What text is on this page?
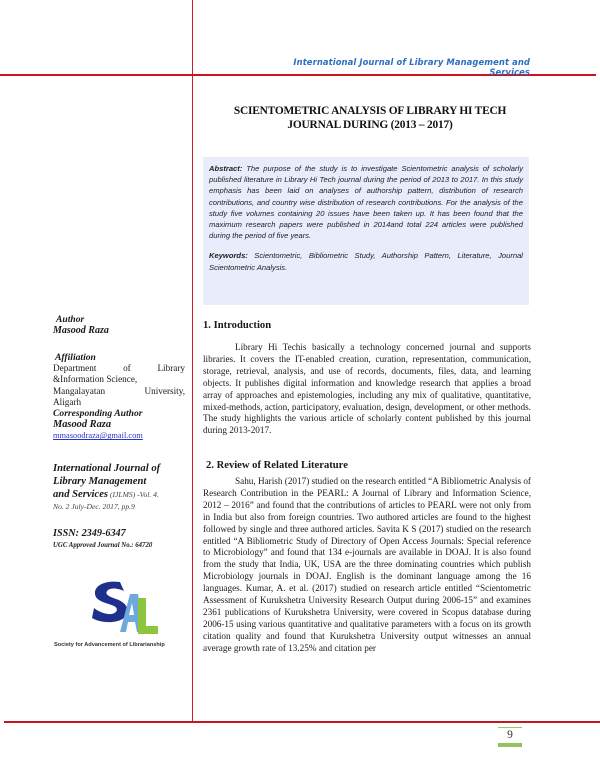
International Journal of Library Management and Services
SCIENTOMETRIC ANALYSIS OF LIBRARY HI TECH
JOURNAL DURING (2013 – 2017)

Abstract: The purpose of the study is to investigate Scientometric analysis of scholarly published literature in Library Hi Tech journal during the period of 2013 to 2017. In this study emphasis has been laid on analyses of authorship pattern, distribution of research contributions, and country wise distribution of research contributions. For the analysis of the study five volumes containing 20 issues have been taken up. It has been found that the maximum research papers were published in 2014and total 224 articles were published during the period of five years.

Keywords: Scientometric, Bibliometric Study, Authorship Pattern, Literature, Journal Scientometric Analysis.

Author
Masood Raza
Affiliation
Department	of	Library
&Information Science,
Mangalayatan	University,
Aligarh
Corresponding Author
Masood Raza
mmasoodraza@gmail.com
International Journal of
Library Management
and Services (IJLMS) -Vol. 4.
No. 2 July-Dec. 2017, pp.9
ISSN: 2349-6347
UGC Approved Journal No.: 64720
Society for Advancement of Librarianship
1. Introduction

Library Hi Techis basically a technology concerned journal and supports libraries. It covers the IT-enabled creation, curation, representation, communication, storage, retrieval, analysis, and use of records, documents, files, data, and learning objects. It publishes digital information and knowledge research that applies a broad array of approaches and epistemologies, including any mix of qualitative, quantitative, mixed-methods, action, participatory, evaluation, design, development, or other methods. The study highlights the various article of scholarly content published by this journal during 2013-2017.

2. Review of Related Literature

Sahu, Harish (2017) studied on the research entitled “A Bibliometric Analysis of Research Contribution in the PEARL: A Journal of Library and Information Science, 2012 – 2016” and found that the contributions of articles to PEARL were not only from in India but also from foreign countries. Two authored articles are found to the highest followed by single and three authored articles. Savita K S (2017) studied on the research entitled “A Bibliometric Study of Directory of Open Access Journals: Special reference to Microbiology” and found that 134 e-journals are available in DOAJ. It is also found from the study that India, UK, USA are the three dominating countries which publish Microbiology journals in DOAJ. English is the dominant language among the 16 languages. Kumar, A. et al. (2017) studied on research article entitled “Scientometric Assessment of Kurukshetra University Research Output during 2006-15” and examines 2361 publications of Kurukshetra University, were covered in Scopus database during 2006-15 using various quantitative and qualitative parameters with a focus on its growth citation quality and found that Kurukshetra University output witnesses an annual average growth rate of 13.25% and citation per

9
